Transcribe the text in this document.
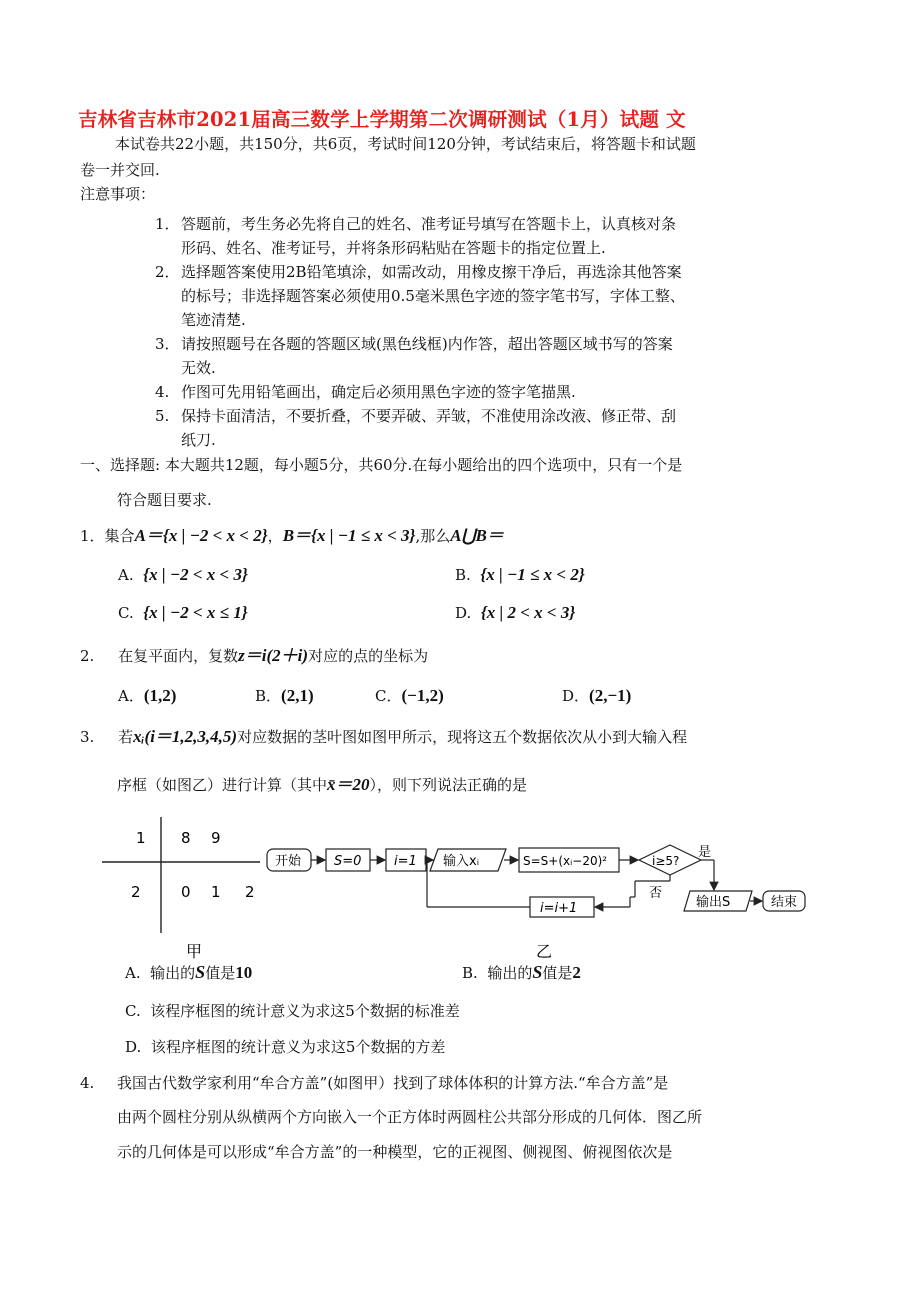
吉林省吉林市2021届高三数学上学期第二次调研测试（1月）试题 文
本试卷共22小题，共150分，共6页，考试时间120分钟，考试结束后，将答题卡和试题
卷一并交回.
注意事项：
1． 答题前，考生务必先将自己的姓名、准考证号填写在答题卡上，认真核对条
形码、姓名、准考证号，并将条形码粘贴在答题卡的指定位置上.
2． 选择题答案使用2B铅笔填涂，如需改动，用橡皮擦干净后，再选涂其他答案
的标号；非选择题答案必须使用0.5毫米黑色字迹的签字笔书写，字体工整、
笔迹清楚.
3． 请按照题号在各题的答题区域(黑色线框)内作答，超出答题区域书写的答案
无效.
4. 作图可先用铅笔画出，确定后必须用黑色字迹的签字笔描黑.
5. 保持卡面清洁，不要折叠，不要弄破、弄皱，不准使用涂改液、修正带、刮
纸刀.
一、选择题: 本大题共12题，每小题5分，共60分.在每小题给出的四个选项中，只有一个是
符合题目要求.
1．集合A＝{x | −2 < x < 2}，B＝{x | −1 ≤ x < 3},那么A⋃B＝
A. {x | −2 < x < 3}	B. {x | −1 ≤ x < 2}
C. {x | −2 < x ≤ 1}	D. {x | 2 < x < 3}
2. 在复平面内，复数z＝i(2＋i)对应的点的坐标为
A．(1,2)	B．(2,1)	C．(−1,2)	D．(2,−1)
3. 若xᵢ(i＝1,2,3,4,5)对应数据的茎叶图如图甲所示，现将这五个数据依次从小到大输入程
序框（如图乙）进行计算（其中x̄＝20），则下列说法正确的是
1 8 9
2	0 1 2
甲
开始	S=0	i=1 输入xᵢ	S=S+(xᵢ−20)²	i≥5?
是
否
i=i+1	输出S	结束
乙
A. 输出的S值是10	B. 输出的S值是2
C. 该程序框图的统计意义为求这5个数据的标准差
D. 该程序框图的统计意义为求这5个数据的方差
4. 我国古代数学家利用“牟合方盖”(如图甲）找到了球体体积的计算方法.“牟合方盖”是
由两个圆柱分别从纵横两个方向嵌入一个正方体时两圆柱公共部分形成的几何体．图乙所
示的几何体是可以形成“牟合方盖”的一种模型，它的正视图、侧视图、俯视图依次是
